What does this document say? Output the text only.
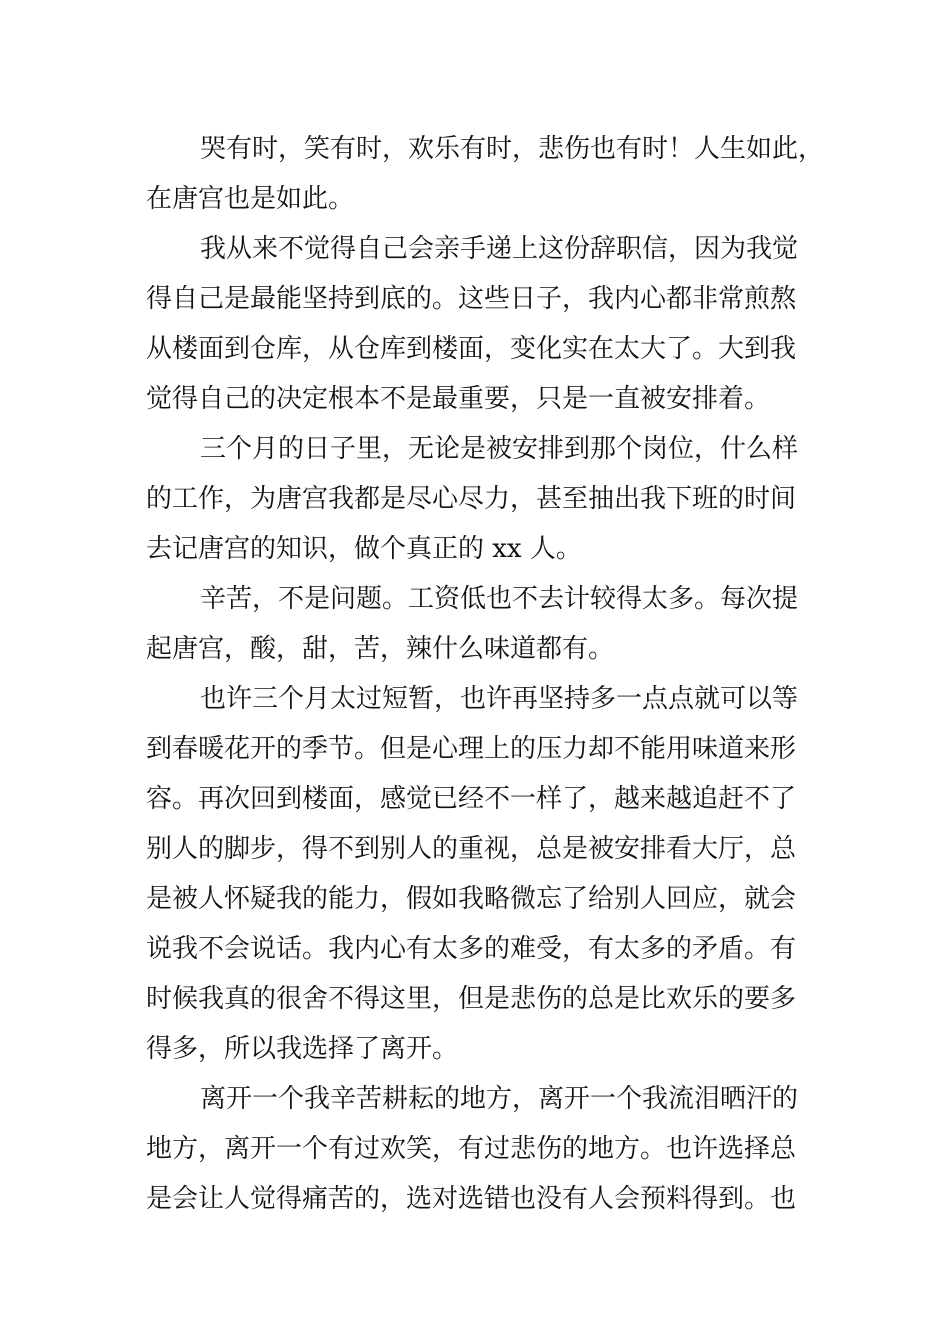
哭有时，笑有时，欢乐有时，悲伤也有时！人生如此，
在唐宫也是如此。

我从来不觉得自己会亲手递上这份辞职信，因为我觉
得自己是最能坚持到底的。这些日子，我内心都非常煎熬
从楼面到仓库，从仓库到楼面，变化实在太大了。大到我
觉得自己的决定根本不是最重要，只是一直被安排着。

三个月的日子里，无论是被安排到那个岗位，什么样
的工作，为唐宫我都是尽心尽力，甚至抽出我下班的时间
去记唐宫的知识，做个真正的 xx 人。

辛苦，不是问题。工资低也不去计较得太多。每次提
起唐宫，酸，甜，苦，辣什么味道都有。

也许三个月太过短暂，也许再坚持多一点点就可以等
到春暖花开的季节。但是心理上的压力却不能用味道来形
容。再次回到楼面，感觉已经不一样了，越来越追赶不了
别人的脚步，得不到别人的重视，总是被安排看大厅，总
是被人怀疑我的能力，假如我略微忘了给别人回应，就会
说我不会说话。我内心有太多的难受，有太多的矛盾。有
时候我真的很舍不得这里，但是悲伤的总是比欢乐的要多
得多，所以我选择了离开。

离开一个我辛苦耕耘的地方，离开一个我流泪晒汗的
地方，离开一个有过欢笑，有过悲伤的地方。也许选择总
是会让人觉得痛苦的，选对选错也没有人会预料得到。也
